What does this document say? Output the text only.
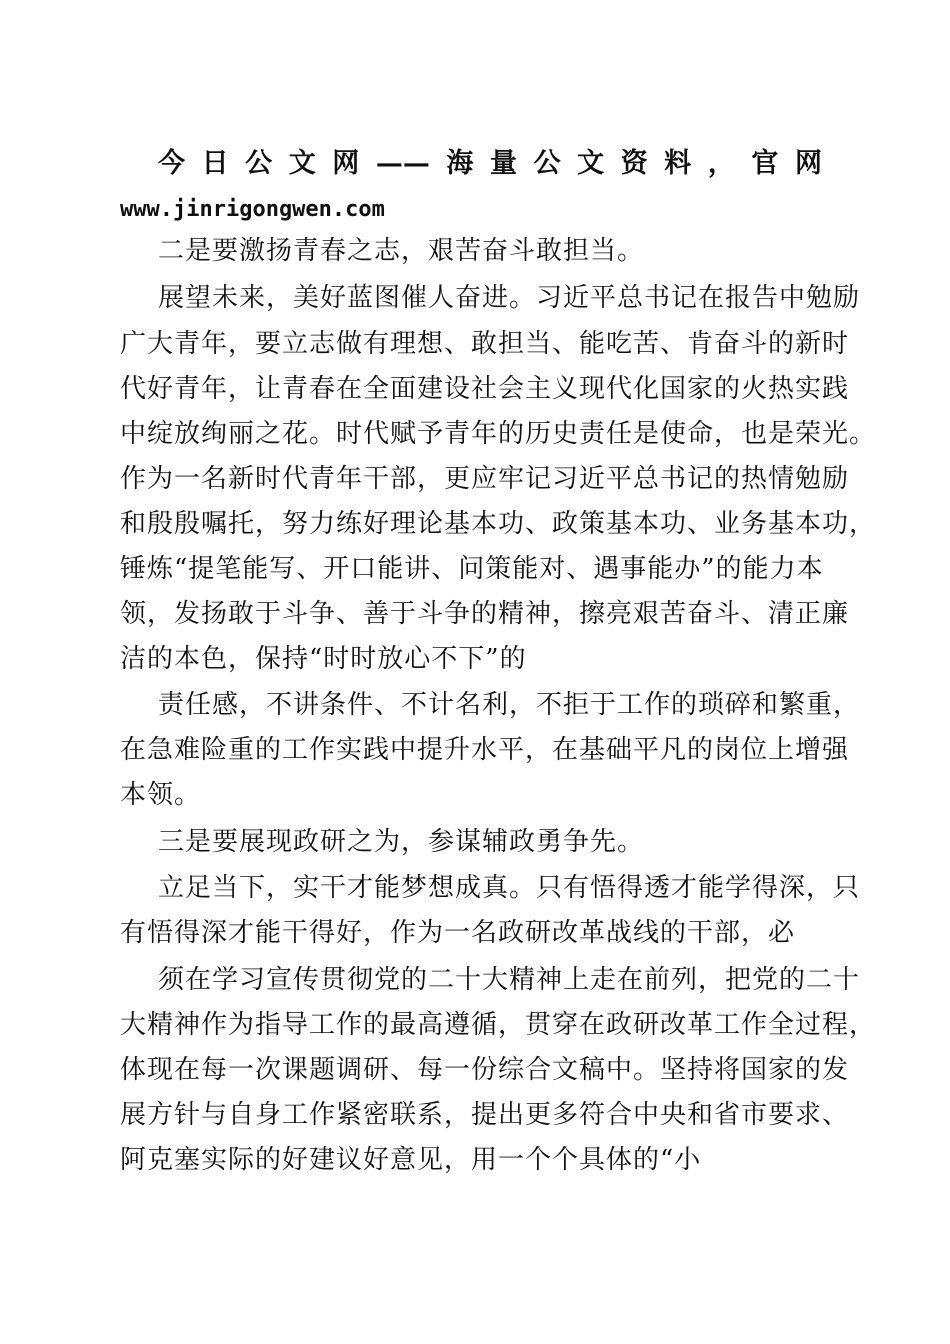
今日公文网——海量公文资料，官网
www.jinrigongwen.com

二是要激扬青春之志，艰苦奋斗敢担当。

展望未来，美好蓝图催人奋进。习近平总书记在报告中勉励

广大青年，要立志做有理想、敢担当、能吃苦、肯奋斗的新时

代好青年，让青春在全面建设社会主义现代化国家的火热实践

中绽放绚丽之花。时代赋予青年的历史责任是使命，也是荣光。

作为一名新时代青年干部，更应牢记习近平总书记的热情勉励

和殷殷嘱托，努力练好理论基本功、政策基本功、业务基本功，

锤炼“提笔能写、开口能讲、问策能对、遇事能办”的能力本

领，发扬敢于斗争、善于斗争的精神，擦亮艰苦奋斗、清正廉

洁的本色，保持“时时放心不下”的

责任感，不讲条件、不计名利，不拒于工作的琐碎和繁重，

在急难险重的工作实践中提升水平，在基础平凡的岗位上增强

本领。

三是要展现政研之为，参谋辅政勇争先。

立足当下，实干才能梦想成真。只有悟得透才能学得深，只

有悟得深才能干得好，作为一名政研改革战线的干部，必

须在学习宣传贯彻党的二十大精神上走在前列，把党的二十

大精神作为指导工作的最高遵循，贯穿在政研改革工作全过程，

体现在每一次课题调研、每一份综合文稿中。坚持将国家的发

展方针与自身工作紧密联系，提出更多符合中央和省市要求、

阿克塞实际的好建议好意见，用一个个具体的“小
